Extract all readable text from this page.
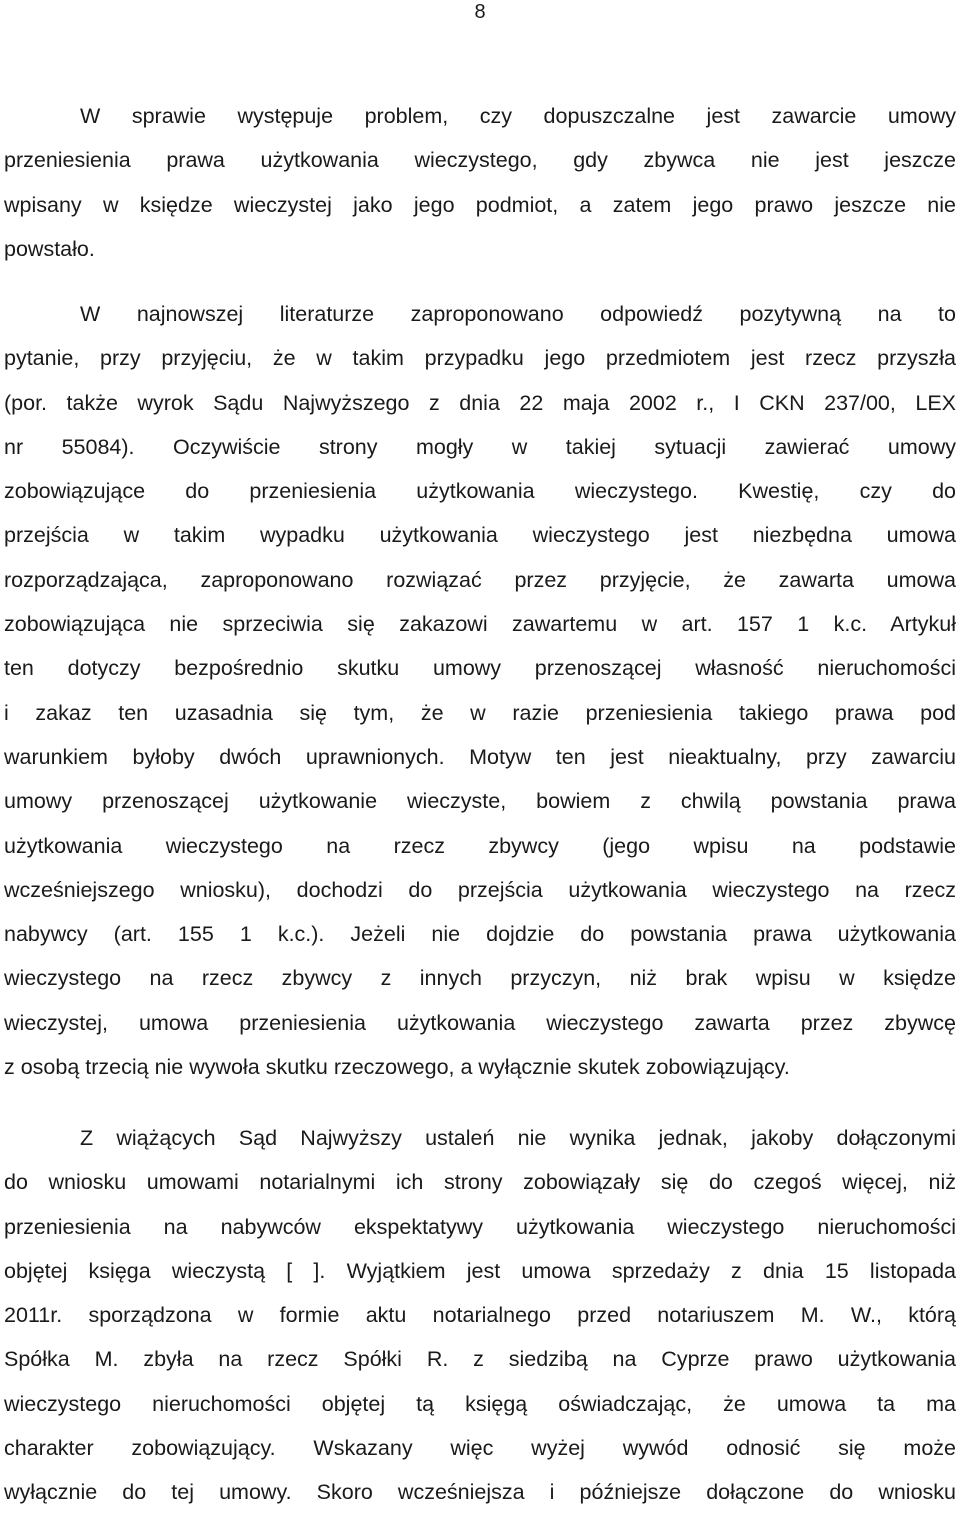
8
W sprawie występuje problem, czy dopuszczalne jest zawarcie umowy
przeniesienia prawa użytkowania wieczystego, gdy zbywca nie jest jeszcze
wpisany w księdze wieczystej jako jego podmiot, a zatem jego prawo jeszcze nie
powstało.
W najnowszej literaturze zaproponowano odpowiedź pozytywną na to
pytanie, przy przyjęciu, że w takim przypadku jego przedmiotem jest rzecz przyszła
(por. także wyrok Sądu Najwyższego z dnia 22 maja 2002 r., I CKN 237/00, LEX
nr 55084). Oczywiście strony mogły w takiej sytuacji zawierać umowy
zobowiązujące do przeniesienia użytkowania wieczystego. Kwestię, czy do
przejścia w takim wypadku użytkowania wieczystego jest niezbędna umowa
rozporządzająca, zaproponowano rozwiązać przez przyjęcie, że zawarta umowa
zobowiązująca nie sprzeciwia się zakazowi zawartemu w art. 157 1 k.c. Artykuł
ten dotyczy bezpośrednio skutku umowy przenoszącej własność nieruchomości
i zakaz ten uzasadnia się tym, że w razie przeniesienia takiego prawa pod
warunkiem byłoby dwóch uprawnionych. Motyw ten jest nieaktualny, przy zawarciu
umowy przenoszącej użytkowanie wieczyste, bowiem z chwilą powstania prawa
użytkowania wieczystego na rzecz zbywcy (jego wpisu na podstawie
wcześniejszego wniosku), dochodzi do przejścia użytkowania wieczystego na rzecz
nabywcy (art. 155 1 k.c.). Jeżeli nie dojdzie do powstania prawa użytkowania
wieczystego na rzecz zbywcy z innych przyczyn, niż brak wpisu w księdze
wieczystej, umowa przeniesienia użytkowania wieczystego zawarta przez zbywcę
z osobą trzecią nie wywoła skutku rzeczowego, a wyłącznie skutek zobowiązujący.
Z wiążących Sąd Najwyższy ustaleń nie wynika jednak, jakoby dołączonymi
do wniosku umowami notarialnymi ich strony zobowiązały się do czegoś więcej, niż
przeniesienia na nabywców ekspektatywy użytkowania wieczystego nieruchomości
objętej księga wieczystą [ ]. Wyjątkiem jest umowa sprzedaży z dnia 15 listopada
2011r. sporządzona w formie aktu notarialnego przed notariuszem M. W., którą
Spółka M. zbyła na rzecz Spółki R. z siedzibą na Cyprze prawo użytkowania
wieczystego nieruchomości objętej tą księgą oświadczając, że umowa ta ma
charakter zobowiązujący. Wskazany więc wyżej wywód odnosić się może
wyłącznie do tej umowy. Skoro wcześniejsza i późniejsze dołączone do wniosku
